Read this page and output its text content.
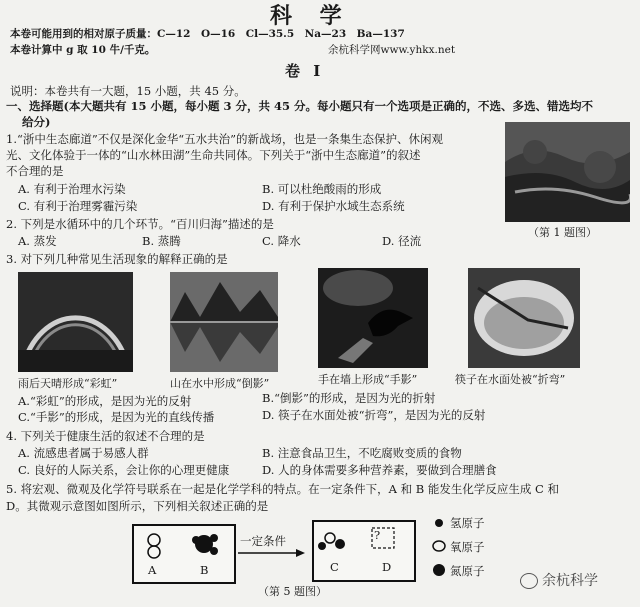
科 学
本卷可能用到的相对原子质量：C—12　O—16　Cl—35.5　Na—23　Ba—137
本卷计算中 g 取 10 牛/千克。	余杭科学网www.yhkx.net
卷 Ⅰ
说明：本卷共有一大题，15 小题，共 45 分。
一、选择题(本大题共有 15 小题，每小题 3 分，共 45 分。每小题只有一个选项是正确的，不选、多选、错选均不
给分)
1.“浙中生态廊道”不仅是深化金华“五水共治”的新战场，也是一条集生态保护、休闲观
光、文化体验于一体的“山水林田湖”生命共同体。下列关于“浙中生态廊道”的叙述
不合理的是
A. 有利于治理水污染	B. 可以杜绝酸雨的形成
C. 有利于治理雾霾污染	D. 有利于保护水域生态系统
（第 1 题图）
2. 下列是水循环中的几个环节。“百川归海”描述的是
A. 蒸发	B. 蒸腾	C. 降水	D. 径流
3. 对下列几种常见生活现象的解释正确的是
雨后天晴形成“彩虹”	山在水中形成“倒影”	手在墙上形成“手影”	筷子在水面处被“折弯”
A.“彩虹”的形成，是因为光的反射	B.“倒影”的形成，是因为光的折射
C.“手影”的形成，是因为光的直线传播	D. 筷子在水面处被“折弯”，是因为光的反射
4. 下列关于健康生活的叙述不合理的是
A. 流感患者属于易感人群	B. 注意食品卫生，不吃腐败变质的食物
C. 良好的人际关系，会让你的心理更健康	D. 人的身体需要多种营养素，要做到合理膳食
5. 将宏观、微观及化学符号联系在一起是化学学科的特点。在一定条件下，A 和 B 能发生化学反应生成 C 和
D。其微观示意图如图所示，下列相关叙述正确的是
A	B
一定条件	?
C	D
氢原子
氧原子
氮原子
（第 5 题图）
余杭科学
